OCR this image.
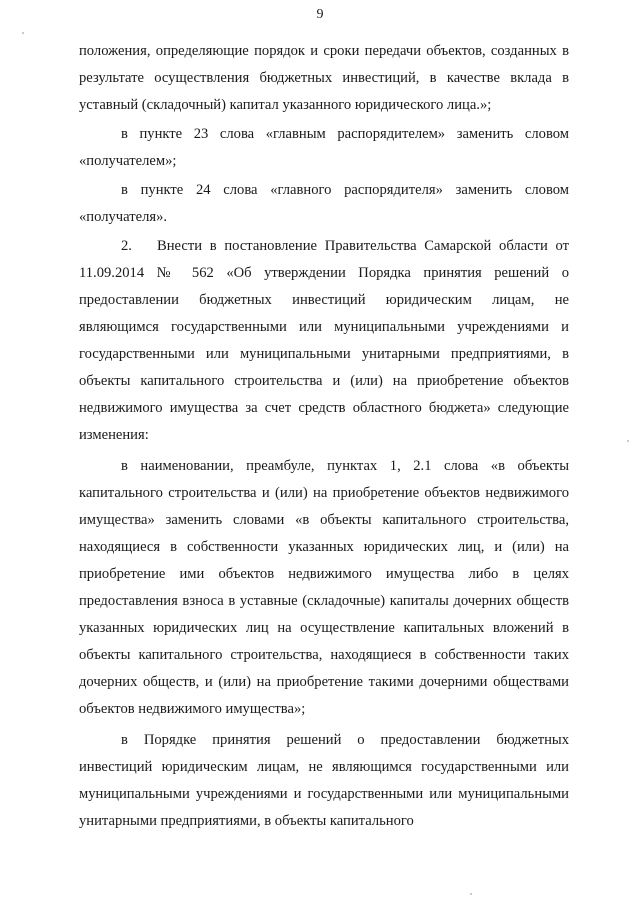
9

положения, определяющие порядок и сроки передачи объектов, созданных в результате осуществления бюджетных инвестиций, в качестве вклада в уставный (складочный) капитал указанного юридического лица.»;

в пункте 23 слова «главным распорядителем» заменить словом «получателем»;

в пункте 24 слова «главного распорядителя» заменить словом «получателя».

2. Внести в постановление Правительства Самарской области от 11.09.2014 № 562 «Об утверждении Порядка принятия решений о предоставлении бюджетных инвестиций юридическим лицам, не являющимся государственными или муниципальными учреждениями и государственными или муниципальными унитарными предприятиями, в объекты капитального строительства и (или) на приобретение объектов недвижимого имущества за счет средств областного бюджета» следующие изменения:

в наименовании, преамбуле, пунктах 1, 2.1 слова «в объекты капитального строительства и (или) на приобретение объектов недвижимого имущества» заменить словами «в объекты капитального строительства, находящиеся в собственности указанных юридических лиц, и (или) на приобретение ими объектов недвижимого имущества либо в целях предоставления взноса в уставные (складочные) капиталы дочерних обществ указанных юридических лиц на осуществление капитальных вложений в объекты капитального строительства, находящиеся в собственности таких дочерних обществ, и (или) на приобретение такими дочерними обществами объектов недвижимого имущества»;

в Порядке принятия решений о предоставлении бюджетных инвестиций юридическим лицам, не являющимся государственными или муниципальными учреждениями и государственными или муниципальными унитарными предприятиями, в объекты капитального
